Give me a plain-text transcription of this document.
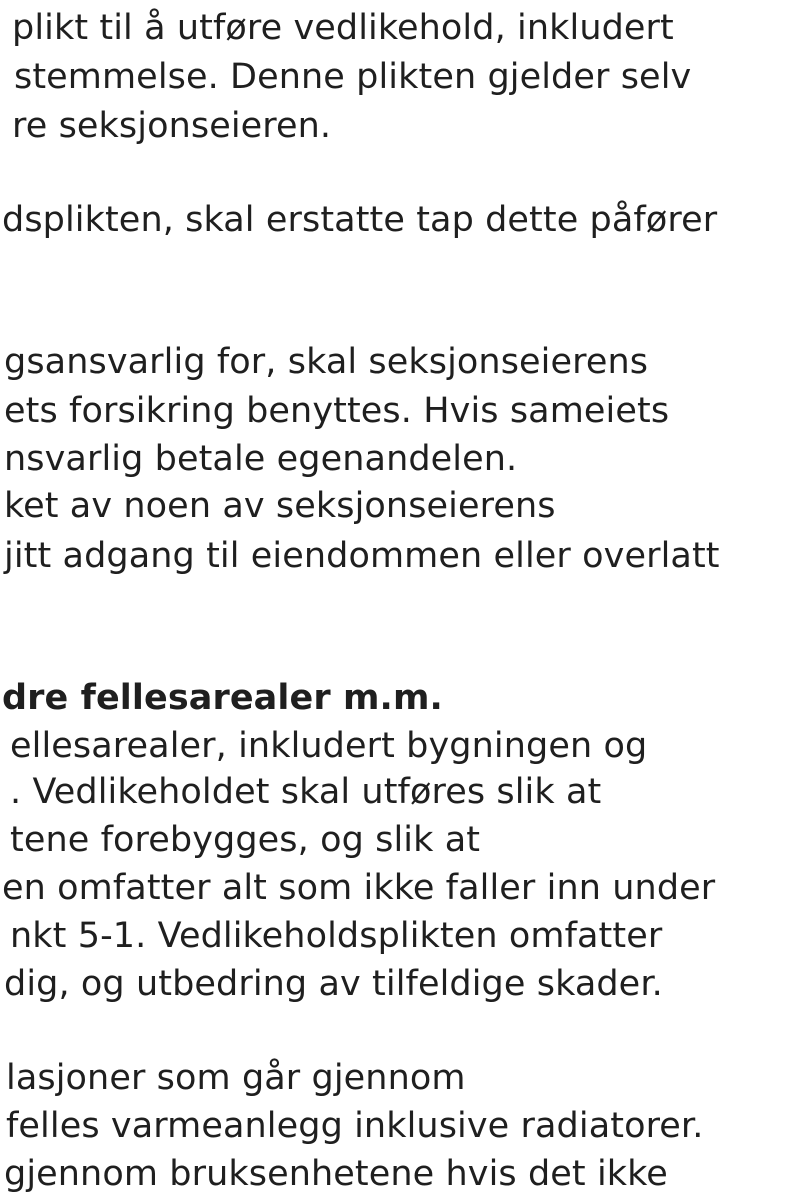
plikt til å utføre vedlikehold, inkludert
stemmelse. Denne plikten gjelder selv
re seksjonseieren.
dsplikten, skal erstatte tap dette påfører
gsansvarlig for, skal seksjonseierens
ets forsikring benyttes. Hvis sameiets
nsvarlig betale egenandelen.
ket av noen av seksjonseierens
jitt adgang til eiendommen eller overlatt
dre fellesarealer m.m.
ellesarealer, inkludert bygningen og
. Vedlikeholdet skal utføres slik at
tene forebygges, og slik at
en omfatter alt som ikke faller inn under
nkt 5-1. Vedlikeholdsplikten omfatter
dig, og utbedring av tilfeldige skader.
lasjoner som går gjennom
felles varmeanlegg inklusive radiatorer.
gjennom bruksenhetene hvis det ikke
